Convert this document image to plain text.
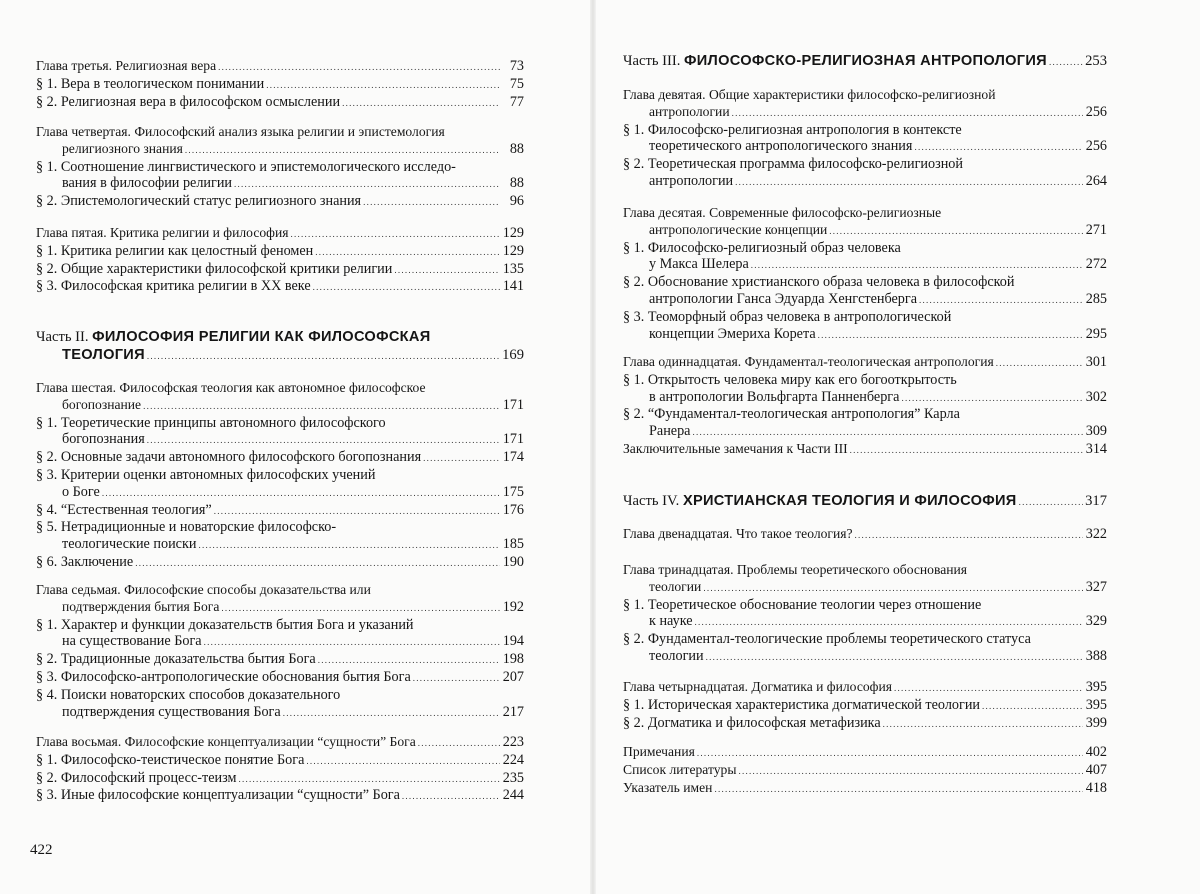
Глава третья. Религиозная вера . . .	73
§ 1. Вера в теологическом понимании . . .	75
§ 2. Религиозная вера в философском осмыслении . . .	77
Глава четвертая. Философский анализ языка религии и эпистемология
религиозного знания . . .	88
§ 1. Соотношение лингвистического и эпистемологического исследо-
вания в философии религии . . .	88
§ 2. Эпистемологический статус религиозного знания . . .	96
Глава пятая. Критика религии и философия . . .	129
§ 1. Критика религии как целостный феномен . . .	129
§ 2. Общие характеристики философской критики религии . . .	135
§ 3. Философская критика религии в XX веке . . .	141
Часть II. ФИЛОСОФИЯ РЕЛИГИИ КАК ФИЛОСОФСКАЯ
ТЕОЛОГИЯ . . .	169
Глава шестая. Философская теология как автономное философское
богопознание . . .	171
§ 1. Теоретические принципы автономного философского
богопознания . . .	171
§ 2. Основные задачи автономного философского богопознания . . .	174
§ 3. Критерии оценки автономных философских учений
о Боге . . .	175
§ 4. “Естественная теология” . . .	176
§ 5. Нетрадиционные и новаторские философско-
теологические поиски . . .	185
§ 6. Заключение . . .	190
Глава седьмая. Философские способы доказательства или
подтверждения бытия Бога . . .	192
§ 1. Характер и функции доказательств бытия Бога и указаний
на существование Бога . . .	194
§ 2. Традиционные доказательства бытия Бога . . .	198
§ 3. Философско-антропологические обоснования бытия Бога . . .	207
§ 4. Поиски новаторских способов доказательного
подтверждения существования Бога . . .	217
Глава восьмая. Философские концептуализации “сущности” Бога . . .	223
§ 1. Философско-теистическое понятие Бога . . .	224
§ 2. Философский процесс-теизм . . .	235
§ 3. Иные философские концептуализации “сущности” Бога . . .	244
422
Часть III. ФИЛОСОФСКО-РЕЛИГИОЗНАЯ АНТРОПОЛОГИЯ . . .	253
Глава девятая. Общие характеристики философско-религиозной
антропологии . . .	256
§ 1. Философско-религиозная антропология в контексте
теоретического антропологического знания . . .	256
§ 2. Теоретическая программа философско-религиозной
антропологии . . .	264
Глава десятая. Современные философско-религиозные
антропологические концепции . . .	271
§ 1. Философско-религиозный образ человека
у Макса Шелера . . .	272
§ 2. Обоснование христианского образа человека в философской
антропологии Ганса Эдуарда Хенгстенберга . . .	285
§ 3. Теоморфный образ человека в антропологической
концепции Эмериха Корета . . .	295
Глава одиннадцатая. Фундаментал-теологическая антропология . . .	301
§ 1. Открытость человека миру как его богооткрытость
в антропологии Вольфгарта Панненберга . . .	302
§ 2. “Фундаментал-теологическая антропология” Карла
Ранера . . .	309
Заключительные замечания к Части III . . .	314
Часть IV. ХРИСТИАНСКАЯ ТЕОЛОГИЯ И ФИЛОСОФИЯ . . .	317
Глава двенадцатая. Что такое теология? . . .	322
Глава тринадцатая. Проблемы теоретического обоснования
теологии . . .	327
§ 1. Теоретическое обоснование теологии через отношение
к науке . . .	329
§ 2. Фундаментал-теологические проблемы теоретического статуса
теологии . . .	388
Глава четырнадцатая. Догматика и философия . . .	395
§ 1. Историческая характеристика догматической теологии . . .	395
§ 2. Догматика и философская метафизика . . .	399
Примечания . . .	402
Список литературы . . .	407
Указатель имен . . .	418
